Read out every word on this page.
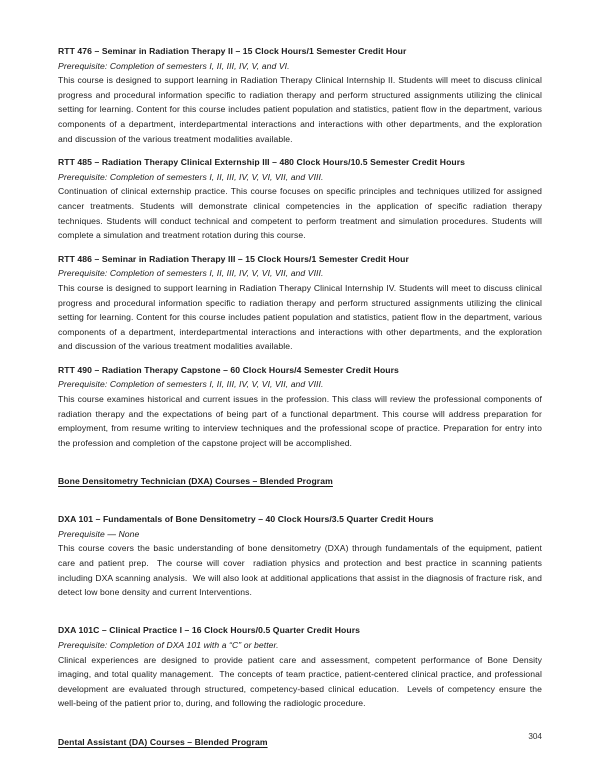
RTT 476 – Seminar in Radiation Therapy II – 15 Clock Hours/1 Semester Credit Hour

Prerequisite: Completion of semesters I, II, III, IV, V, and VI.

This course is designed to support learning in Radiation Therapy Clinical Internship II. Students will meet to discuss clinical progress and procedural information specific to radiation therapy and perform structured assignments utilizing the clinical setting for learning. Content for this course includes patient population and statistics, patient flow in the department, various components of a department, interdepartmental interactions and interactions with other departments, and the exploration and discussion of the various treatment modalities available.

RTT 485 – Radiation Therapy Clinical Externship III – 480 Clock Hours/10.5 Semester Credit Hours

Prerequisite: Completion of semesters I, II, III, IV, V, VI, VII, and VIII.

Continuation of clinical externship practice. This course focuses on specific principles and techniques utilized for assigned cancer treatments. Students will demonstrate clinical competencies in the application of specific radiation therapy techniques. Students will conduct technical and competent to perform treatment and simulation procedures. Students will complete a simulation and treatment rotation during this course.

RTT 486 – Seminar in Radiation Therapy III – 15 Clock Hours/1 Semester Credit Hour

Prerequisite: Completion of semesters I, II, III, IV, V, VI, VII, and VIII.

This course is designed to support learning in Radiation Therapy Clinical Internship IV. Students will meet to discuss clinical progress and procedural information specific to radiation therapy and perform structured assignments utilizing the clinical setting for learning. Content for this course includes patient population and statistics, patient flow in the department, various components of a department, interdepartmental interactions and interactions with other departments, and the exploration and discussion of the various treatment modalities available.

RTT 490 – Radiation Therapy Capstone – 60 Clock Hours/4 Semester Credit Hours

Prerequisite: Completion of semesters I, II, III, IV, V, VI, VII, and VIII.

This course examines historical and current issues in the profession. This class will review the professional components of radiation therapy and the expectations of being part of a functional department. This course will address preparation for employment, from resume writing to interview techniques and the professional scope of practice. Preparation for entry into the profession and completion of the capstone project will be accomplished.

Bone Densitometry Technician (DXA) Courses – Blended Program

DXA 101 – Fundamentals of Bone Densitometry – 40 Clock Hours/3.5 Quarter Credit Hours

Prerequisite — None

This course covers the basic understanding of bone densitometry (DXA) through fundamentals of the equipment, patient care and patient prep.  The course will cover  radiation physics and protection and best practice in scanning patients including DXA scanning analysis.  We will also look at additional applications that assist in the diagnosis of fracture risk, and detect low bone density and current Interventions.

DXA 101C – Clinical Practice I – 16 Clock Hours/0.5 Quarter Credit Hours

Prerequisite: Completion of DXA 101 with a “C” or better.

Clinical experiences are designed to provide patient care and assessment, competent performance of Bone Density imaging, and total quality management.  The concepts of team practice, patient-centered clinical practice, and professional development are evaluated through structured, competency-based clinical education.  Levels of competency ensure the well-being of the patient prior to, during, and following the radiologic procedure.

Dental Assistant (DA) Courses – Blended Program

304
